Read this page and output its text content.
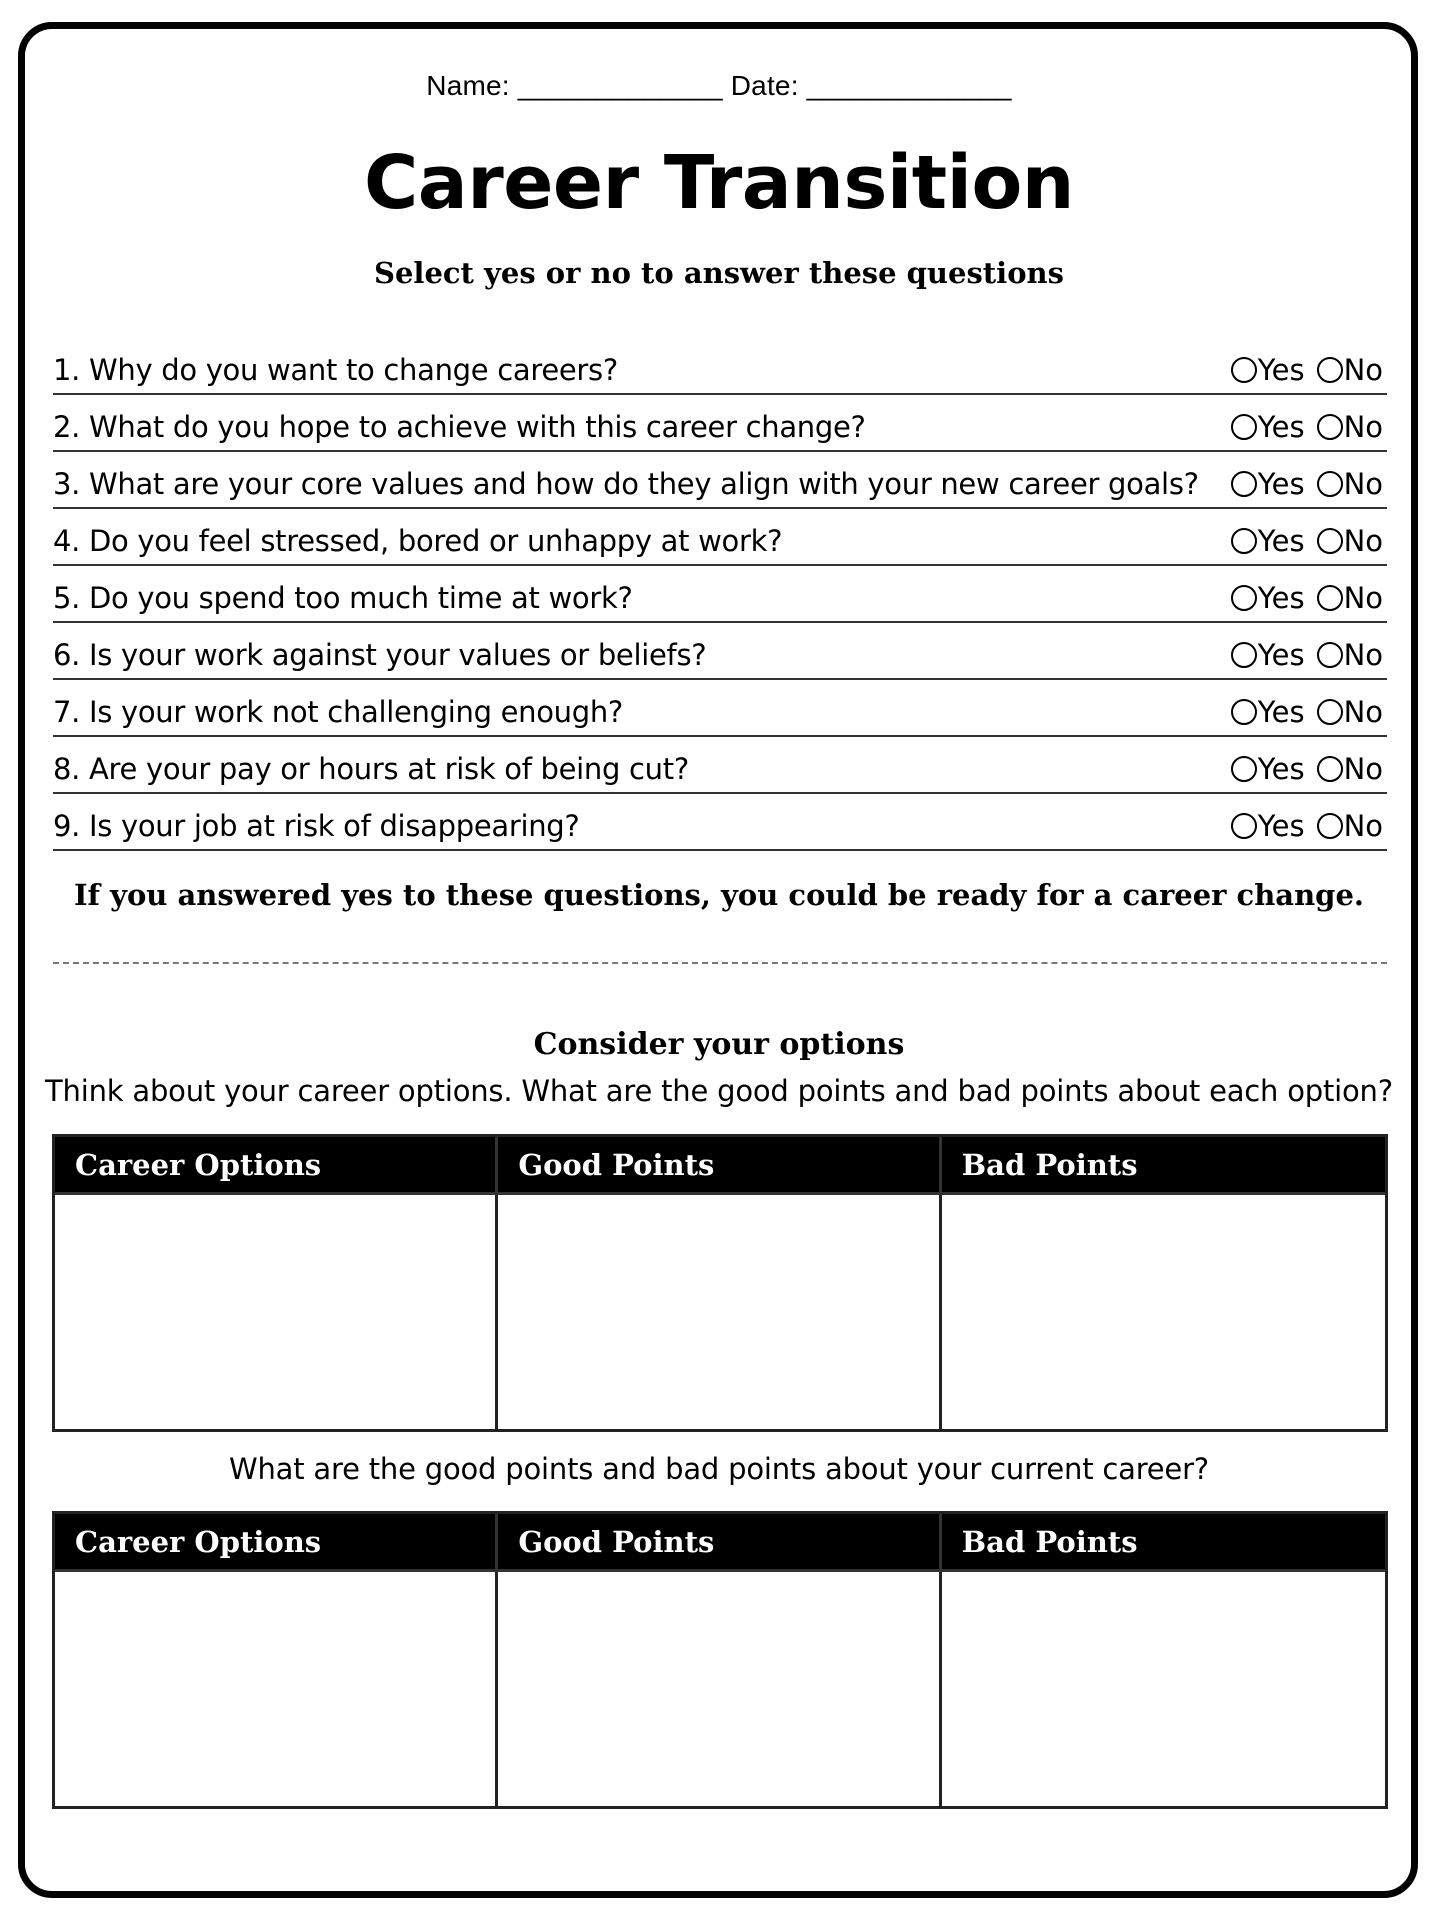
Name: _____________ Date: _____________
Career Transition
Select yes or no to answer these questions
1. Why do you want to change careers?	Yes No
2. What do you hope to achieve with this career change?	Yes No
3. What are your core values and how do they align with your new career goals? Yes No
4. Do you feel stressed, bored or unhappy at work?	Yes No
5. Do you spend too much time at work?	Yes No
6. Is your work against your values or beliefs?	Yes No
7. Is your work not challenging enough?	Yes No
8. Are your pay or hours at risk of being cut?	Yes No
9. Is your job at risk of disappearing?	Yes No
If you answered yes to these questions, you could be ready for a career change.
Consider your options
Think about your career options. What are the good points and bad points about each option?
Career Options	Good Points	Bad Points
What are the good points and bad points about your current career?
Career Options	Good Points	Bad Points
